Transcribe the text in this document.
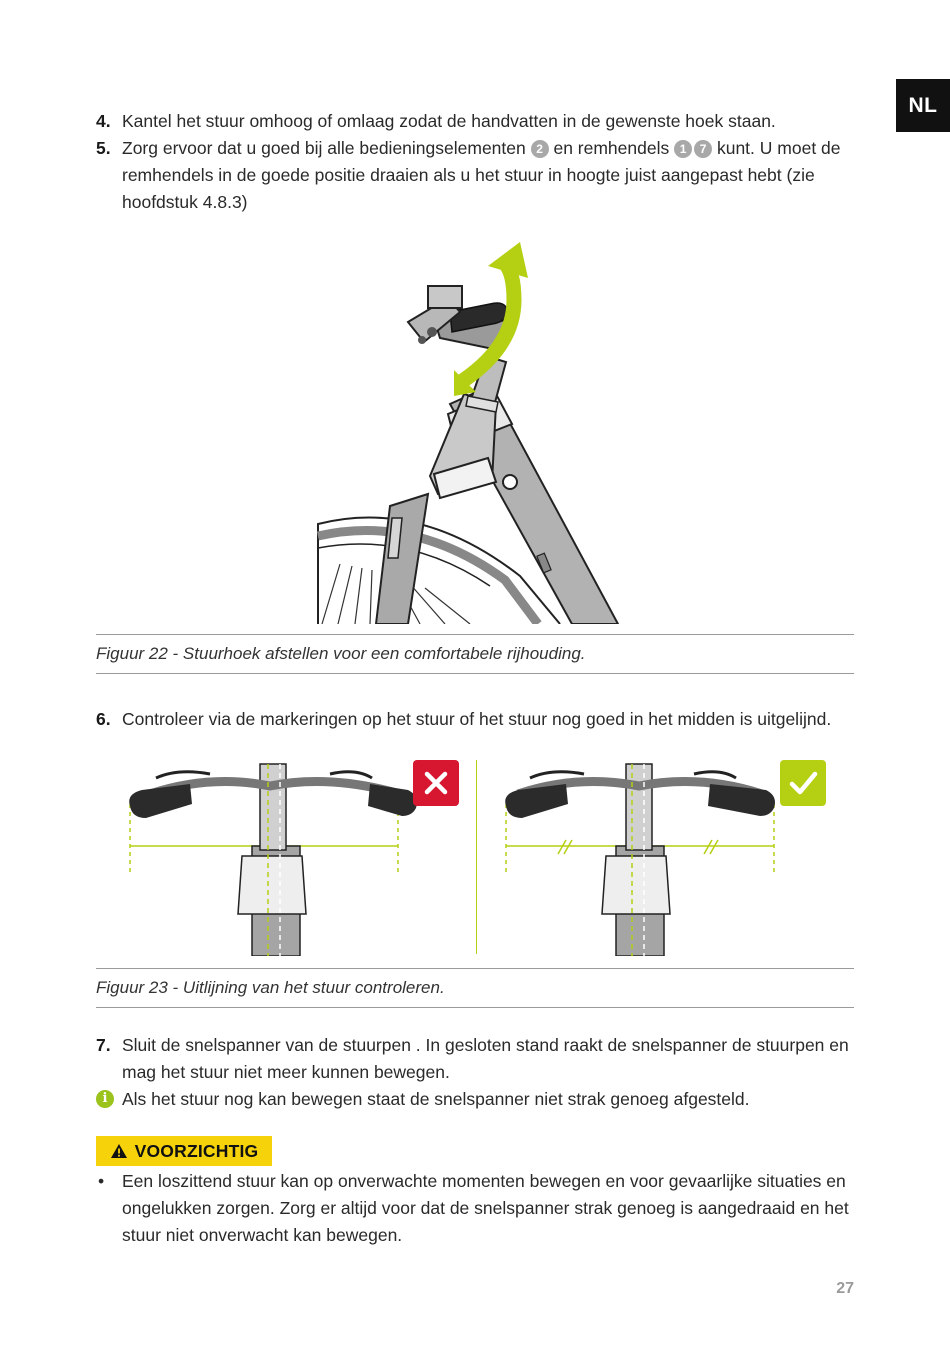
NL
4. Kantel het stuur omhoog of omlaag zodat de handvatten in de gewenste hoek staan.
5. Zorg ervoor dat u goed bij alle bedieningselementen 2 en remhendels 1 7 kunt. U moet de remhendels in de goede positie draaien als u het stuur in hoogte juist aangepast hebt (zie hoofdstuk 4.8.3)
Figuur 22 - Stuurhoek afstellen voor een comfortabele rijhouding.
6. Controleer via de markeringen op het stuur of het stuur nog goed in het midden is uitgelijnd.
Figuur 23 - Uitlijning van het stuur controleren.
7. Sluit de snelspanner van de stuurpen . In gesloten stand raakt de snelspanner de stuurpen en mag het stuur niet meer kunnen bewegen.
i Als het stuur nog kan bewegen staat de snelspanner niet strak genoeg afgesteld.
VOORZICHTIG
• Een loszittend stuur kan op onverwachte momenten bewegen en voor gevaarlijke situaties en ongelukken zorgen. Zorg er altijd voor dat de snelspanner strak genoeg is aangedraaid en het stuur niet onverwacht kan bewegen.
27
